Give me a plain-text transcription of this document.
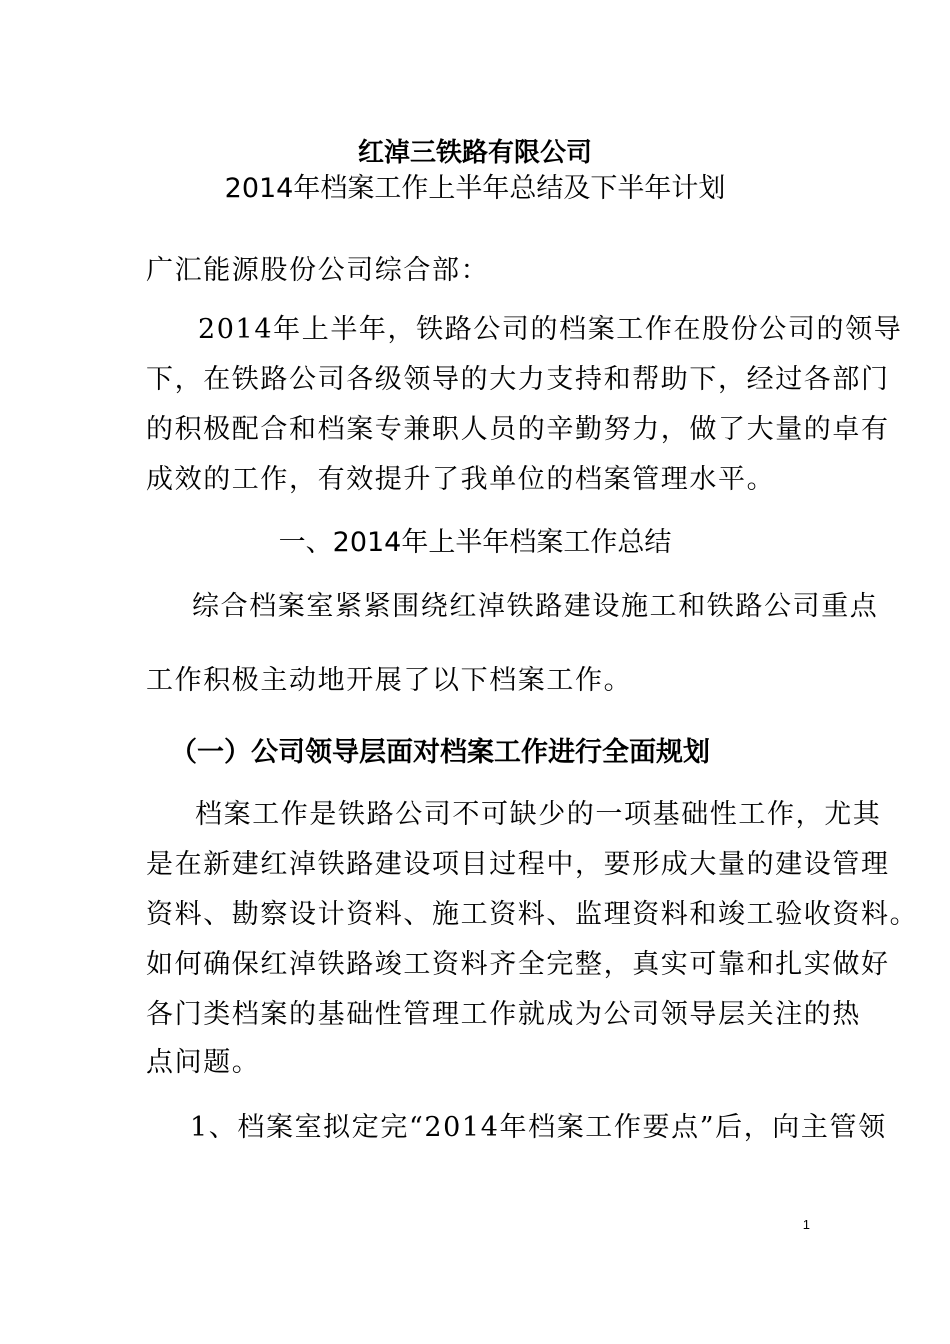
红淖三铁路有限公司
2014年档案工作上半年总结及下半年计划
广汇能源股份公司综合部：
2014年上半年，铁路公司的档案工作在股份公司的领导
下，在铁路公司各级领导的大力支持和帮助下，经过各部门
的积极配合和档案专兼职人员的辛勤努力，做了大量的卓有
成效的工作，有效提升了我单位的档案管理水平。
一、2014年上半年档案工作总结
综合档案室紧紧围绕红淖铁路建设施工和铁路公司重点
工作积极主动地开展了以下档案工作。
（一）公司领导层面对档案工作进行全面规划
档案工作是铁路公司不可缺少的一项基础性工作，尤其
是在新建红淖铁路建设项目过程中，要形成大量的建设管理
资料、勘察设计资料、施工资料、监理资料和竣工验收资料。
如何确保红淖铁路竣工资料齐全完整，真实可靠和扎实做好
各门类档案的基础性管理工作就成为公司领导层关注的热
点问题。
1、档案室拟定完“2014年档案工作要点”后，向主管领
1
